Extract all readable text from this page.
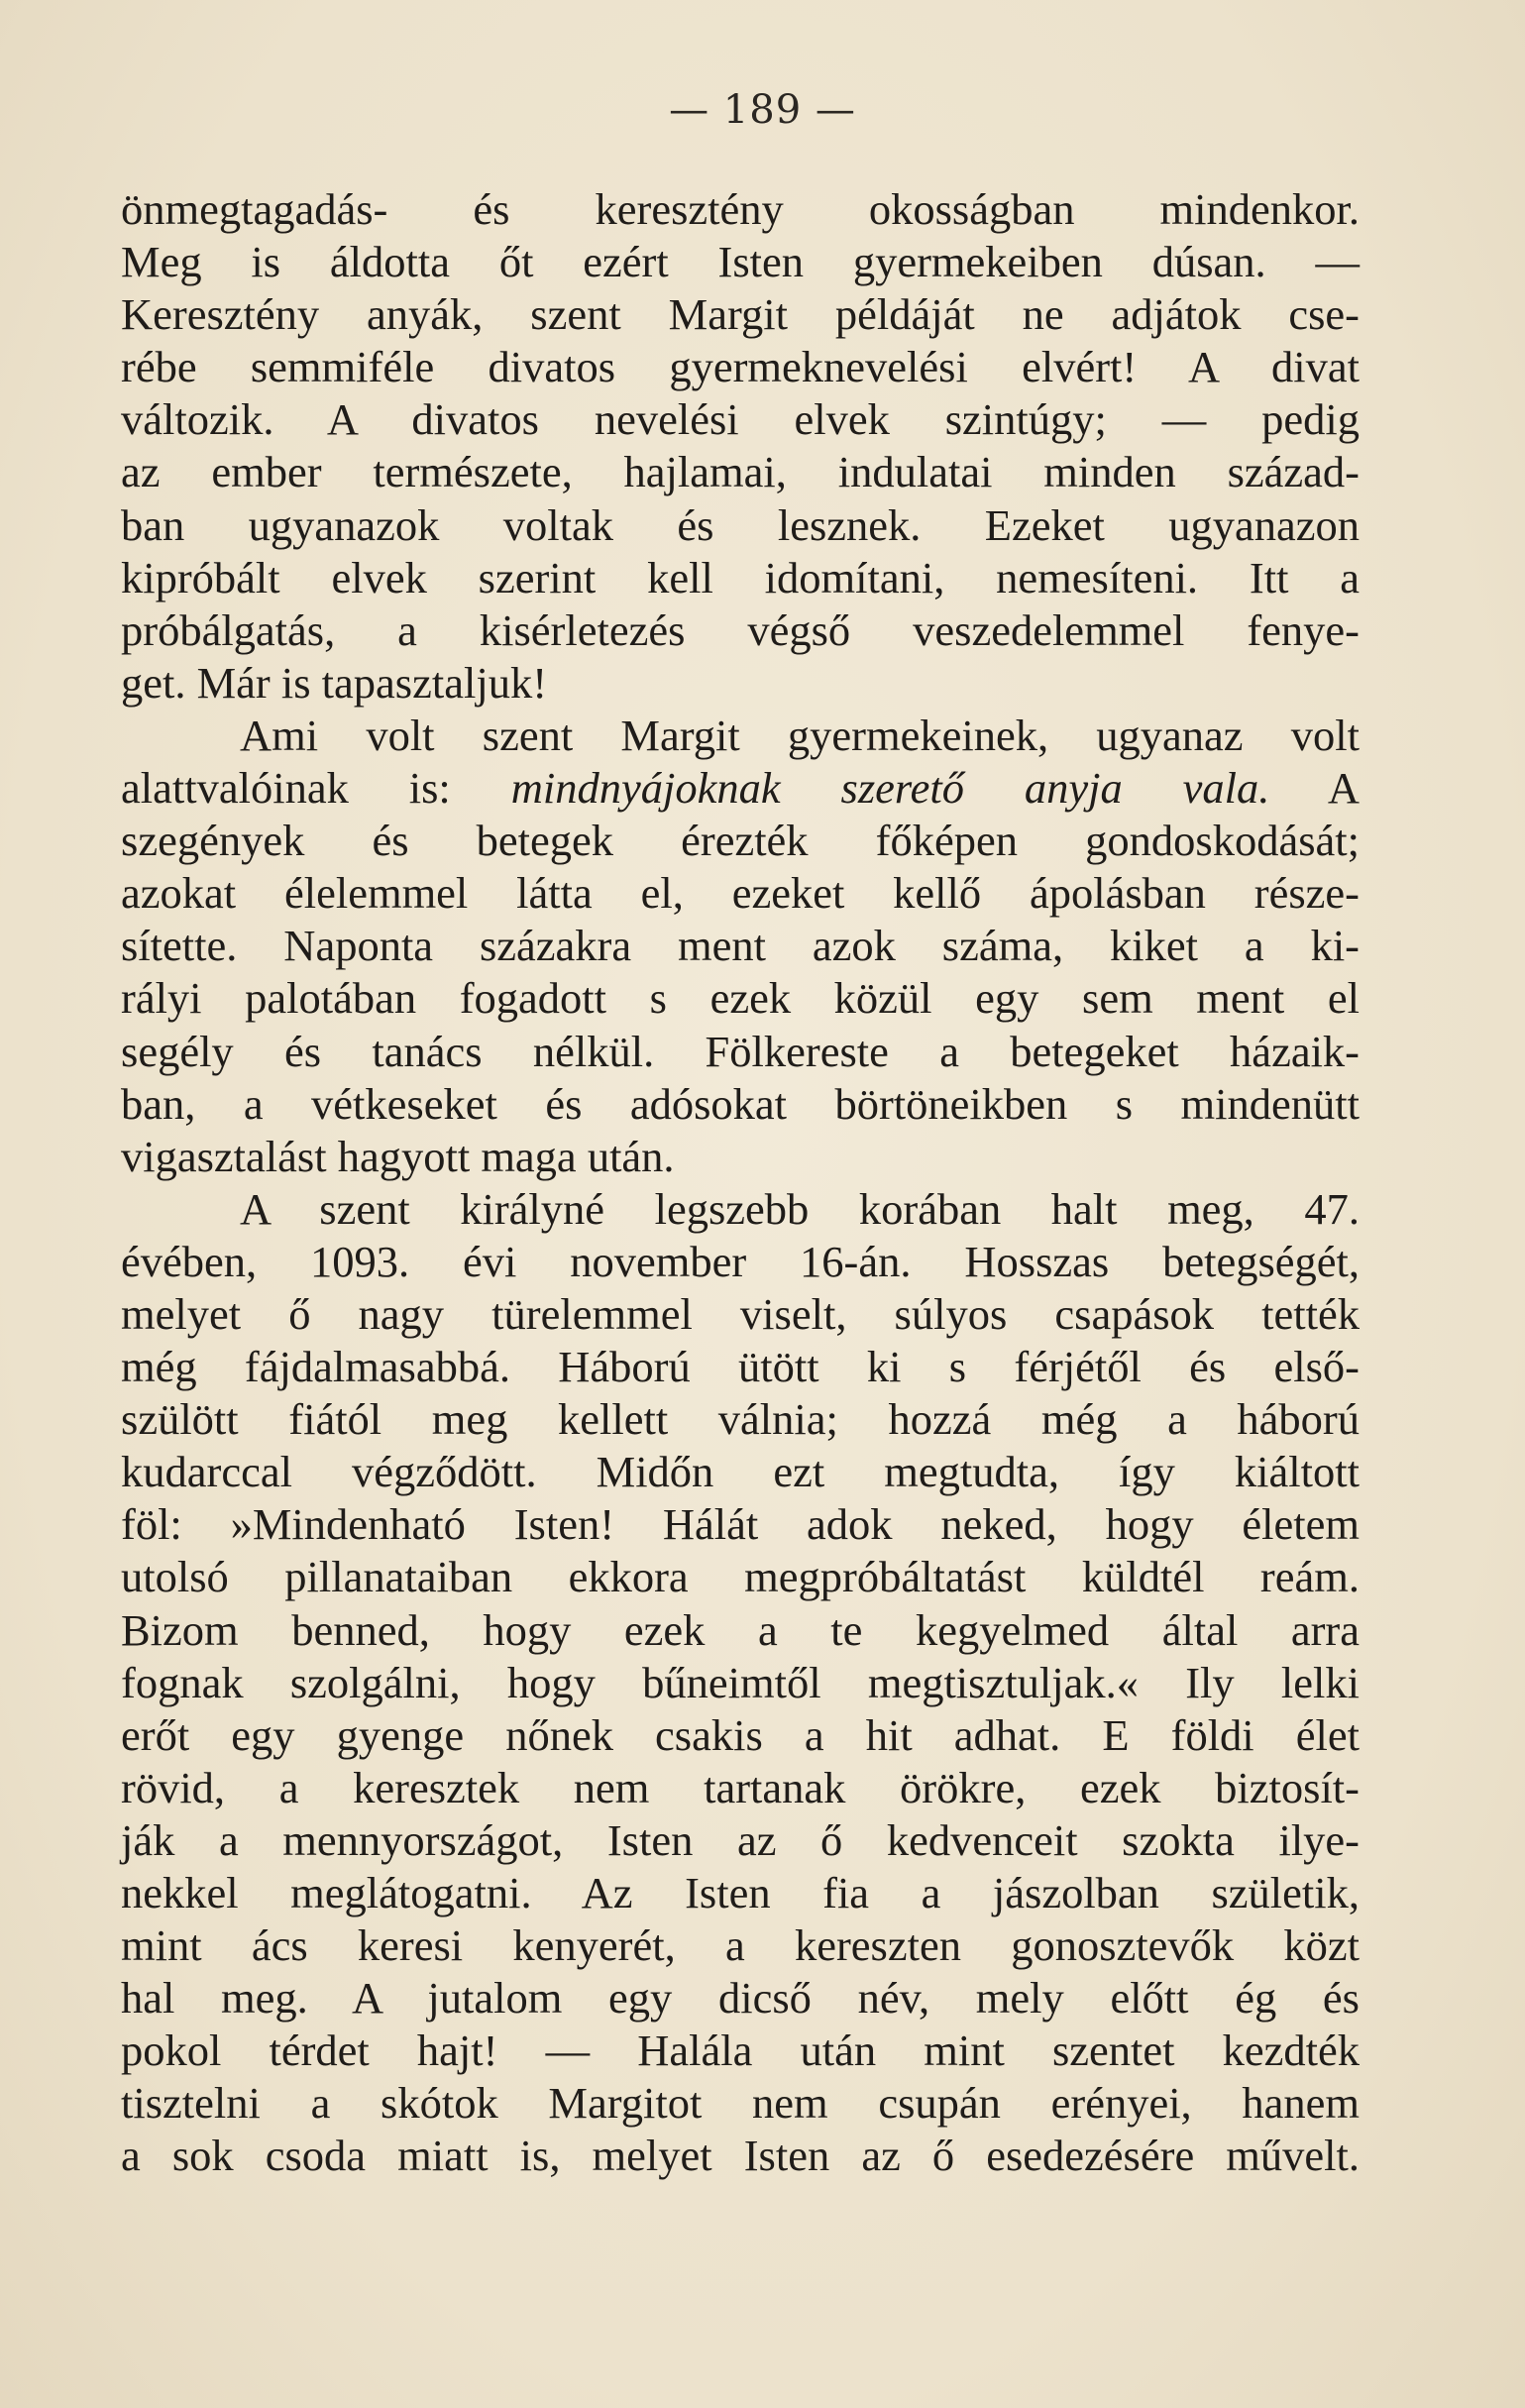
— 189 —
önmegtagadás- és keresztény okosságban mindenkor.
Meg is áldotta őt ezért Isten gyermekeiben dúsan. —
Keresztény anyák, szent Margit példáját ne adjátok cse-
rébe semmiféle divatos gyermeknevelési elvért! A divat
változik. A divatos nevelési elvek szintúgy; — pedig
az ember természete, hajlamai, indulatai minden század-
ban ugyanazok voltak és lesznek. Ezeket ugyanazon
kipróbált elvek szerint kell idomítani, nemesíteni. Itt a
próbálgatás, a kisérletezés végső veszedelemmel fenye-
get. Már is tapasztaljuk!
Ami volt szent Margit gyermekeinek, ugyanaz volt
alattvalóinak is: mindnyájoknak szerető anyja vala. A
szegények és betegek érezték főképen gondoskodását;
azokat élelemmel látta el, ezeket kellő ápolásban része-
sítette. Naponta százakra ment azok száma, kiket a ki-
rályi palotában fogadott s ezek közül egy sem ment el
segély és tanács nélkül. Fölkereste a betegeket házaik-
ban, a vétkeseket és adósokat börtöneikben s mindenütt
vigasztalást hagyott maga után.
A szent királyné legszebb korában halt meg, 47.
évében, 1093. évi november 16-án. Hosszas betegségét,
melyet ő nagy türelemmel viselt, súlyos csapások tették
még fájdalmasabbá. Háború ütött ki s férjétől és első-
szülött fiától meg kellett válnia; hozzá még a háború
kudarccal végződött. Midőn ezt megtudta, így kiáltott
föl: »Mindenható Isten! Hálát adok neked, hogy életem
utolsó pillanataiban ekkora megpróbáltatást küldtél reám.
Bizom benned, hogy ezek a te kegyelmed által arra
fognak szolgálni, hogy bűneimtől megtisztuljak.« Ily lelki
erőt egy gyenge nőnek csakis a hit adhat. E földi élet
rövid, a keresztek nem tartanak örökre, ezek biztosít-
ják a mennyországot, Isten az ő kedvenceit szokta ilye-
nekkel meglátogatni. Az Isten fia a jászolban születik,
mint ács keresi kenyerét, a kereszten gonosztevők közt
hal meg. A jutalom egy dicső név, mely előtt ég és
pokol térdet hajt! — Halála után mint szentet kezdték
tisztelni a skótok Margitot nem csupán erényei, hanem
a sok csoda miatt is, melyet Isten az ő esedezésére művelt.
